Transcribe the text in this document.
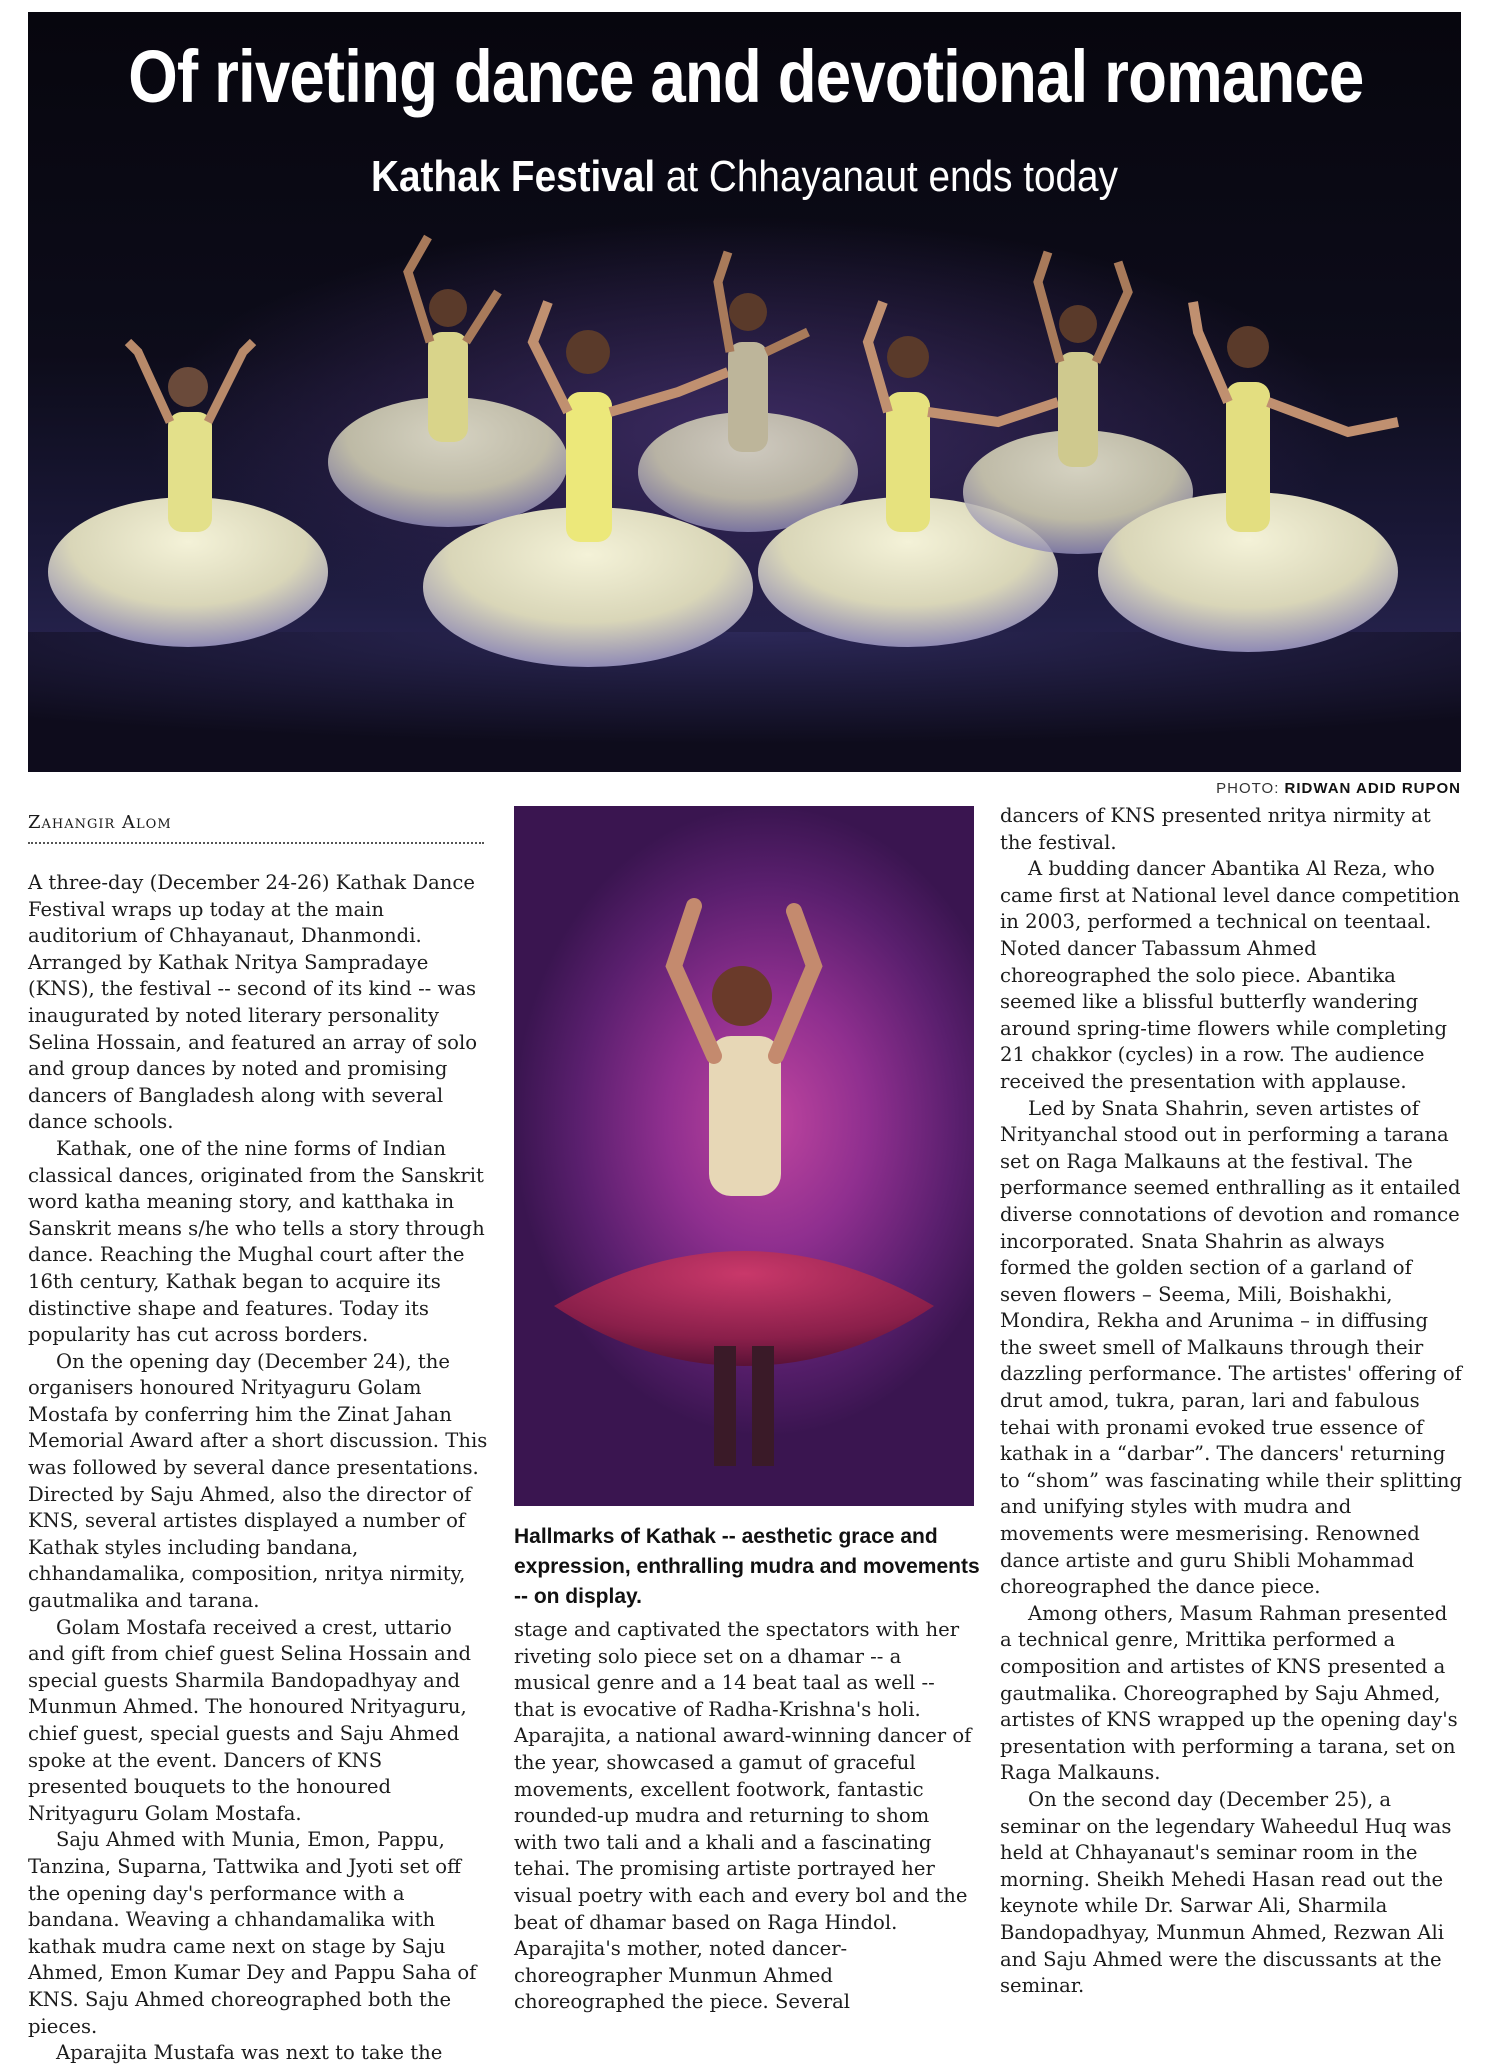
Of riveting dance and devotional romance
Kathak Festival at Chhayanaut ends today
PHOTO: RIDWAN ADID RUPON
Zahangir Alom

A three-day (December 24-26) Kathak Dance Festival wraps up today at the main auditorium of Chhayanaut, Dhanmondi. Arranged by Kathak Nritya Sampradaye (KNS), the festival -- second of its kind -- was inaugurated by noted literary personality Selina Hossain, and featured an array of solo and group dances by noted and promising dancers of Bangladesh along with several dance schools.

Kathak, one of the nine forms of Indian classical dances, originated from the Sanskrit word katha meaning story, and katthaka in Sanskrit means s/he who tells a story through dance. Reaching the Mughal court after the 16th century, Kathak began to acquire its distinctive shape and features. Today its popularity has cut across borders.

On the opening day (December 24), the organisers honoured Nrityaguru Golam Mostafa by conferring him the Zinat Jahan Memorial Award after a short discussion. This was followed by several dance presentations. Directed by Saju Ahmed, also the director of KNS, several artistes displayed a number of Kathak styles including bandana, chhandamalika, composition, nritya nirmity, gautmalika and tarana.

Golam Mostafa received a crest, uttario and gift from chief guest Selina Hossain and special guests Sharmila Bandopadhyay and Munmun Ahmed. The honoured Nrityaguru, chief guest, special guests and Saju Ahmed spoke at the event. Dancers of KNS presented bouquets to the honoured Nrityaguru Golam Mostafa.

Saju Ahmed with Munia, Emon, Pappu, Tanzina, Suparna, Tattwika and Jyoti set off the opening day's performance with a bandana. Weaving a chhandamalika with kathak mudra came next on stage by Saju Ahmed, Emon Kumar Dey and Pappu Saha of KNS. Saju Ahmed choreographed both the pieces.

Aparajita Mustafa was next to take the

Hallmarks of Kathak -- aesthetic grace and expression, enthralling mudra and movements -- on display.

stage and captivated the spectators with her riveting solo piece set on a dhamar -- a musical genre and a 14 beat taal as well -- that is evocative of Radha-Krishna's holi. Aparajita, a national award-winning dancer of the year, showcased a gamut of graceful movements, excellent footwork, fantastic rounded-up mudra and returning to shom with two tali and a khali and a fascinating tehai. The promising artiste portrayed her visual poetry with each and every bol and the beat of dhamar based on Raga Hindol. Aparajita's mother, noted dancer-choreographer Munmun Ahmed choreographed the piece. Several

dancers of KNS presented nritya nirmity at the festival.

A budding dancer Abantika Al Reza, who came first at National level dance competition in 2003, performed a technical on teentaal. Noted dancer Tabassum Ahmed choreographed the solo piece. Abantika seemed like a blissful butterfly wandering around spring-time flowers while completing 21 chakkor (cycles) in a row. The audience received the presentation with applause.

Led by Snata Shahrin, seven artistes of Nrityanchal stood out in performing a tarana set on Raga Malkauns at the festival. The performance seemed enthralling as it entailed diverse connotations of devotion and romance incorporated. Snata Shahrin as always formed the golden section of a garland of seven flowers – Seema, Mili, Boishakhi, Mondira, Rekha and Arunima – in diffusing the sweet smell of Malkauns through their dazzling performance. The artistes' offering of drut amod, tukra, paran, lari and fabulous tehai with pronami evoked true essence of kathak in a “darbar”. The dancers' returning to “shom” was fascinating while their splitting and unifying styles with mudra and movements were mesmerising. Renowned dance artiste and guru Shibli Mohammad choreographed the dance piece.

Among others, Masum Rahman presented a technical genre, Mrittika performed a composition and artistes of KNS presented a gautmalika. Choreographed by Saju Ahmed, artistes of KNS wrapped up the opening day's presentation with performing a tarana, set on Raga Malkauns.

On the second day (December 25), a seminar on the legendary Waheedul Huq was held at Chhayanaut's seminar room in the morning. Sheikh Mehedi Hasan read out the keynote while Dr. Sarwar Ali, Sharmila Bandopadhyay, Munmun Ahmed, Rezwan Ali and Saju Ahmed were the discussants at the seminar.
